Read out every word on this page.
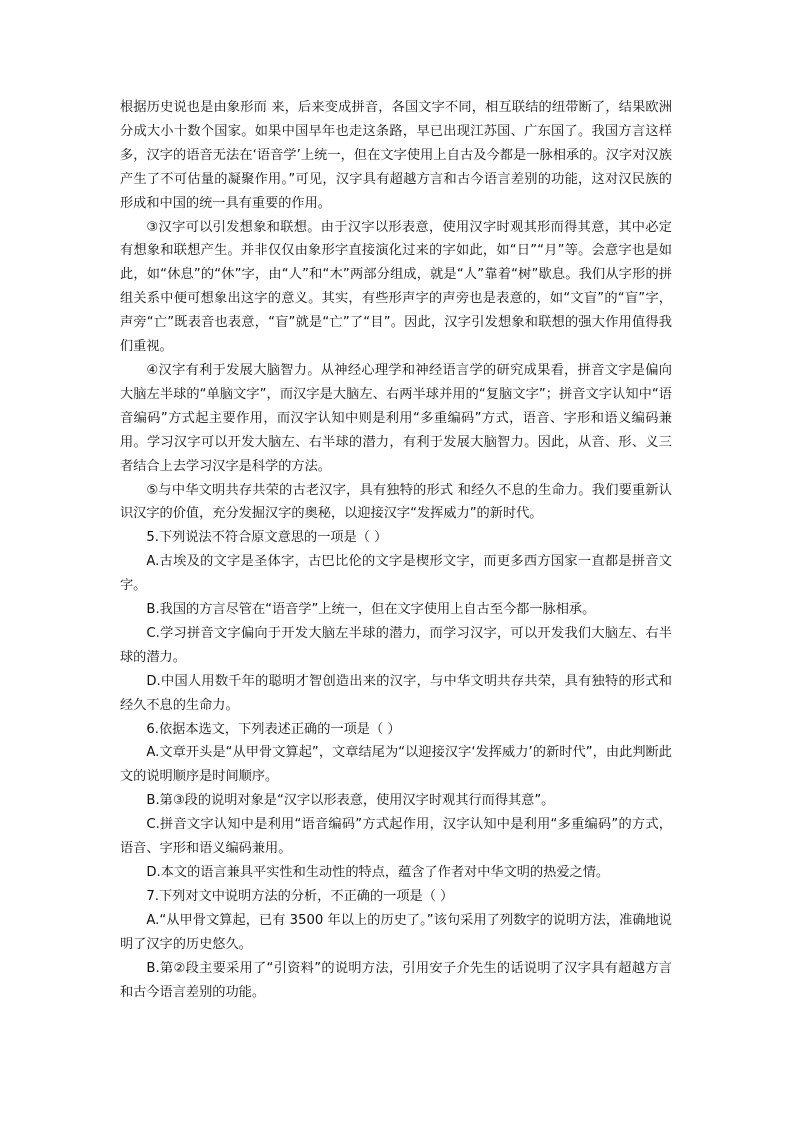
根据历史说也是由象形而 来，后来变成拼音，各国文字不同，相互联结的纽带断了，结果欧洲分成大小十数个国家。如果中国早年也走这条路，早已出现江苏国、广东国了。我国方言这样多，汉字的语音无法在‘语音学’上统一，但在文字使用上自古及今都是一脉相承的。汉字对汉族产生了不可估量的凝聚作用。”可见，汉字具有超越方言和古今语言差别的功能，这对汉民族的形成和中国的统一具有重要的作用。

③汉字可以引发想象和联想。由于汉字以形表意，使用汉字时观其形而得其意，其中必定有想象和联想产生。并非仅仅由象形字直接演化过来的字如此，如“日”“月”等。会意字也是如此，如“休息”的“休”字，由“人”和“木”两部分组成，就是“人”靠着“树”歇息。我们从字形的拼组关系中便可想象出这字的意义。其实，有些形声字的声旁也是表意的，如“文盲”的“盲”字，声旁“亡”既表音也表意，“盲”就是“亡”了“目”。因此，汉字引发想象和联想的强大作用值得我们重视。

④汉字有利于发展大脑智力。从神经心理学和神经语言学的研究成果看，拼音文字是偏向大脑左半球的“单脑文字”，而汉字是大脑左、右两半球并用的“复脑文字”；拼音文字认知中“语音编码”方式起主要作用，而汉字认知中则是利用“多重编码”方式，语音、字形和语义编码兼用。学习汉字可以开发大脑左、右半球的潜力，有利于发展大脑智力。因此，从音、形、义三者结合上去学习汉字是科学的方法。

⑤与中华文明共存共荣的古老汉字，具有独特的形式 和经久不息的生命力。我们要重新认识汉字的价值，充分发掘汉字的奥秘，以迎接汉字“发挥威力”的新时代。

5.下列说法不符合原文意思的一项是（ ）

A.古埃及的文字是圣体字，古巴比伦的文字是楔形文字，而更多西方国家一直都是拼音文字。

B.我国的方言尽管在“语音学”上统一，但在文字使用上自古至今都一脉相承。

C.学习拼音文字偏向于开发大脑左半球的潜力，而学习汉字，可以开发我们大脑左、右半球的潜力。

D.中国人用数千年的聪明才智创造出来的汉字，与中华文明共存共荣，具有独特的形式和经久不息的生命力。

6.依据本选文，下列表述正确的一项是（ ）

A.文章开头是“从甲骨文算起”，文章结尾为“以迎接汉字‘发挥威力’的新时代”，由此判断此文的说明顺序是时间顺序。

B.第③段的说明对象是“汉字以形表意，使用汉字时观其行而得其意”。

C.拼音文字认知中是利用“语音编码”方式起作用，汉字认知中是利用“多重编码”的方式，语音、字形和语义编码兼用。

D.本文的语言兼具平实性和生动性的特点，蕴含了作者对中华文明的热爱之情。

7.下列对文中说明方法的分析，不正确的一项是（ ）

A.“从甲骨文算起，已有 3500 年以上的历史了。”该句采用了列数字的说明方法，准确地说明了汉字的历史悠久。

B.第②段主要采用了“引资料”的说明方法，引用安子介先生的话说明了汉字具有超越方言和古今语言差别的功能。
